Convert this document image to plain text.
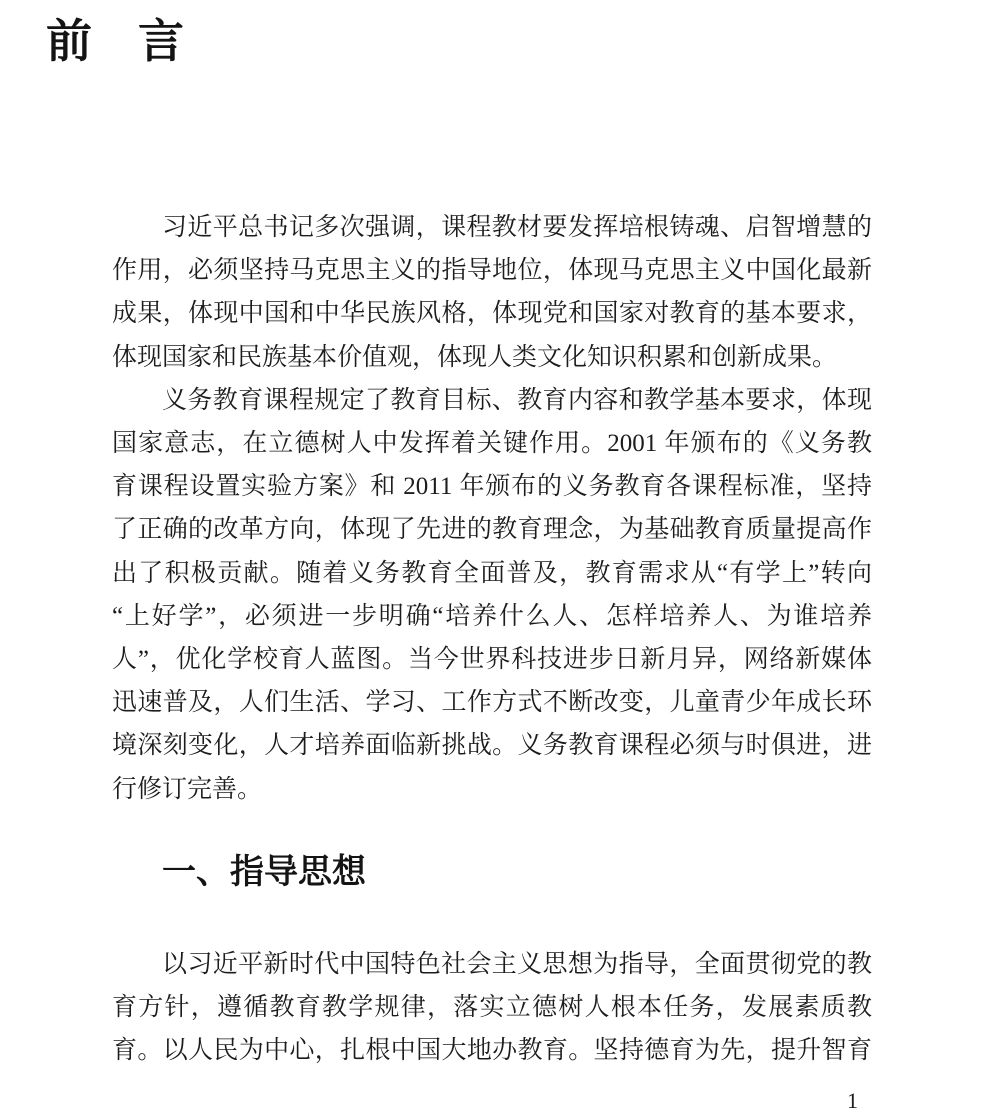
前　言
习近平总书记多次强调，课程教材要发挥培根铸魂、启智增慧的
作用，必须坚持马克思主义的指导地位，体现马克思主义中国化最新
成果，体现中国和中华民族风格，体现党和国家对教育的基本要求，
体现国家和民族基本价值观，体现人类文化知识积累和创新成果。
义务教育课程规定了教育目标、教育内容和教学基本要求，体现
国家意志，在立德树人中发挥着关键作用。2001 年颁布的《义务教
育课程设置实验方案》和 2011 年颁布的义务教育各课程标准，坚持
了正确的改革方向，体现了先进的教育理念，为基础教育质量提高作
出了积极贡献。随着义务教育全面普及，教育需求从“有学上”转向
“上好学”，必须进一步明确“培养什么人、怎样培养人、为谁培养
人”，优化学校育人蓝图。当今世界科技进步日新月异，网络新媒体
迅速普及，人们生活、学习、工作方式不断改变，儿童青少年成长环
境深刻变化，人才培养面临新挑战。义务教育课程必须与时俱进，进
行修订完善。
一、指导思想
以习近平新时代中国特色社会主义思想为指导，全面贯彻党的教
育方针，遵循教育教学规律，落实立德树人根本任务，发展素质教
育。以人民为中心，扎根中国大地办教育。坚持德育为先，提升智育
1
